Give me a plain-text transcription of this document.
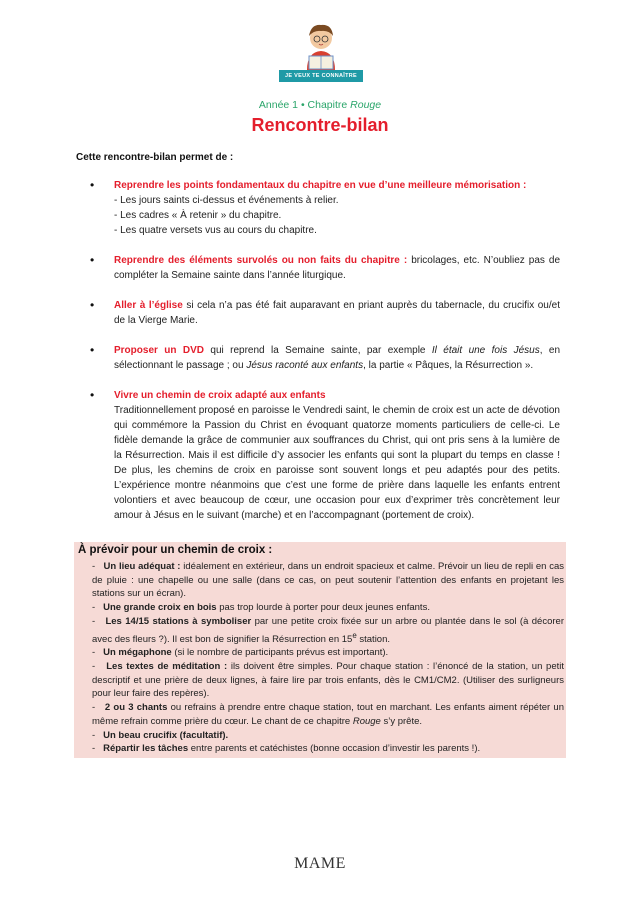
JE VEUX TE CONNAÎTRE
Année 1 • Chapitre Rouge
Rencontre-bilan
Cette rencontre-bilan permet de :
• Reprendre les points fondamentaux du chapitre en vue d’une meilleure mémorisation :
- Les jours saints ci-dessus et événements à relier.
- Les cadres « À retenir » du chapitre.
- Les quatre versets vus au cours du chapitre.
• Reprendre des éléments survolés ou non faits du chapitre : bricolages, etc. N’oubliez pas de compléter la Semaine sainte dans l’année liturgique.
• Aller à l’église si cela n’a pas été fait auparavant en priant auprès du tabernacle, du crucifix ou/et de la Vierge Marie.
• Proposer un DVD qui reprend la Semaine sainte, par exemple Il était une fois Jésus, en sélectionnant le passage ; ou Jésus raconté aux enfants, la partie « Pâques, la Résurrection ».
• Vivre un chemin de croix adapté aux enfants
Traditionnellement proposé en paroisse le Vendredi saint, le chemin de croix est un acte de dévotion qui commémore la Passion du Christ en évoquant quatorze moments particuliers de celle-ci. Le fidèle demande la grâce de communier aux souffrances du Christ, qui ont pris sens à la lumière de la Résurrection. Mais il est difficile d’y associer les enfants qui sont la plupart du temps en classe ! De plus, les chemins de croix en paroisse sont souvent longs et peu adaptés pour des petits. L’expérience montre néanmoins que c’est une forme de prière dans laquelle les enfants entrent volontiers et avec beaucoup de cœur, une occasion pour eux d’exprimer très concrètement leur amour à Jésus en le suivant (marche) et en l’accompagnant (portement de croix).
À prévoir pour un chemin de croix :

-   Un lieu adéquat : idéalement en extérieur, dans un endroit spacieux et calme. Prévoir un lieu de repli en cas de pluie : une chapelle ou une salle (dans ce cas, on peut soutenir l’attention des enfants en projetant les stations sur un écran).

-   Une grande croix en bois pas trop lourde à porter pour deux jeunes enfants.

-   Les 14/15 stations à symboliser par une petite croix fixée sur un arbre ou plantée dans le sol (à décorer avec des fleurs ?). Il est bon de signifier la Résurrection en 15e station.

-   Un mégaphone (si le nombre de participants prévus est important).

-   Les textes de méditation : ils doivent être simples. Pour chaque station : l’énoncé de la station, un petit descriptif et une prière de deux lignes, à faire lire par trois enfants, dès le CM1/CM2. (Utiliser des surligneurs pour leur faire des repères).

-   2 ou 3 chants ou refrains à prendre entre chaque station, tout en marchant. Les enfants aiment répéter un même refrain comme prière du cœur. Le chant de ce chapitre Rouge s’y prête.

-   Un beau crucifix (facultatif).

-   Répartir les tâches entre parents et catéchistes (bonne occasion d’investir les parents !).

MAME
